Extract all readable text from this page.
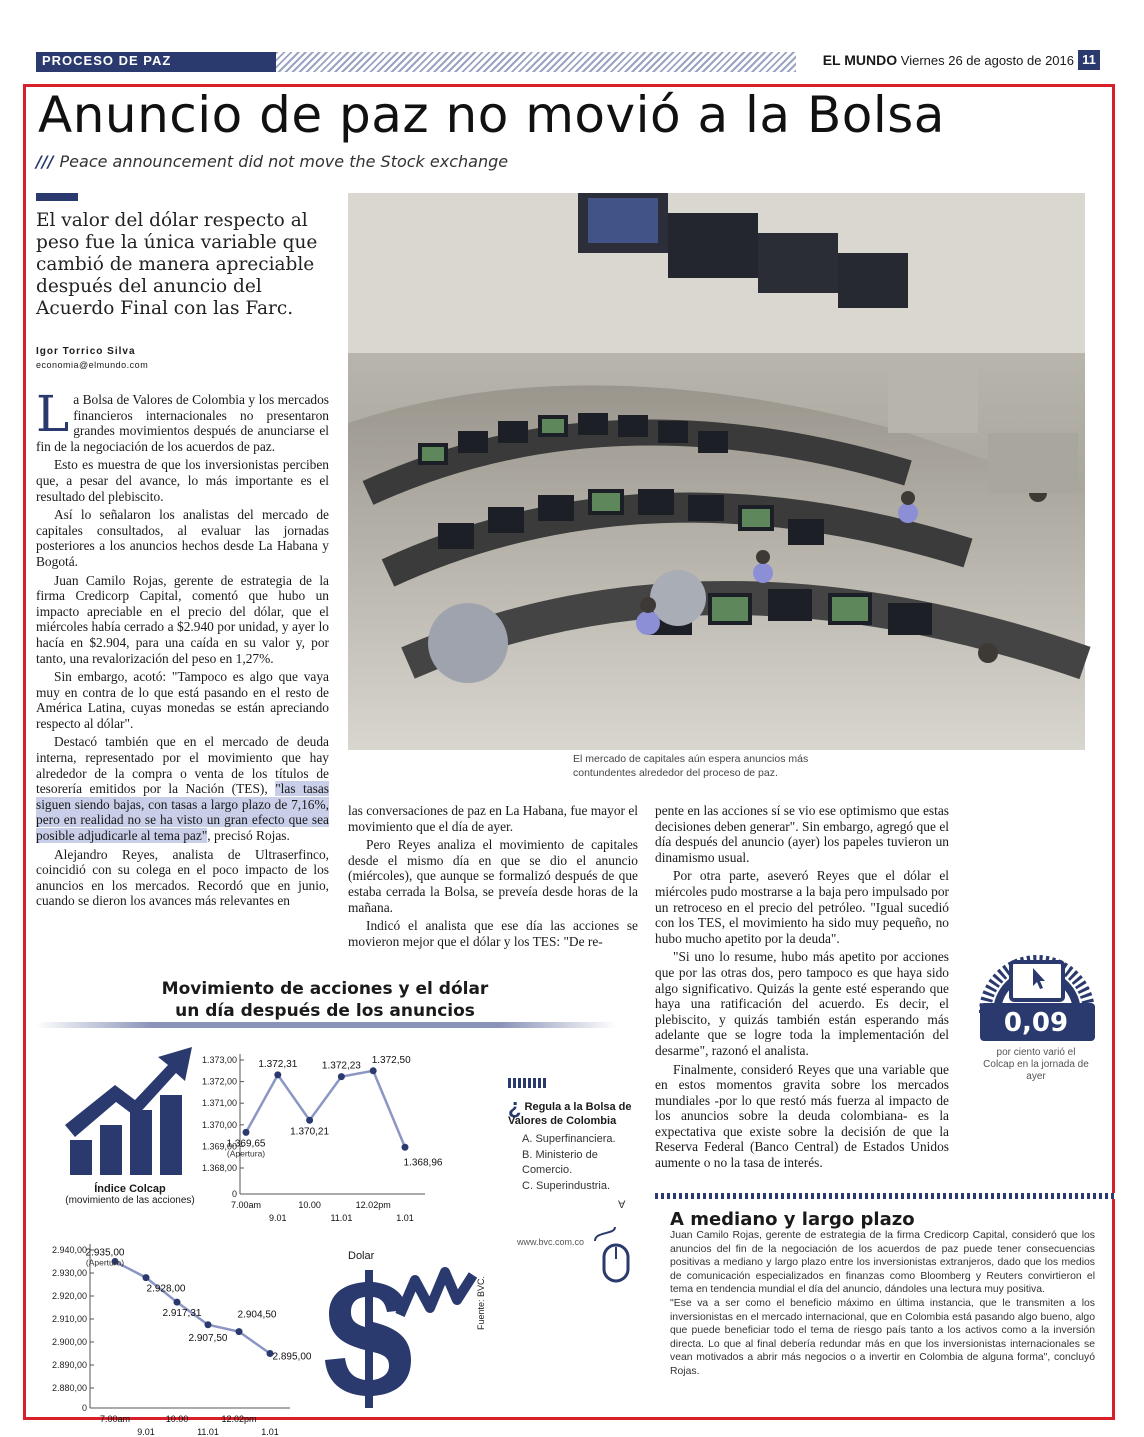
PROCESO DE PAZ	EL MUNDO Viernes 26 de agosto de 2016 11
Anuncio de paz no movió a la Bolsa
/// Peace announcement did not move the Stock exchange
El valor del dólar respecto al peso fue la única variable que cambió de manera apreciable después del anuncio del Acuerdo Final con las Farc.
Igor Torrico Silva
economia@elmundo.com

La Bolsa de Valores de Colombia y los mercados financieros internacionales no presentaron grandes movimientos después de anunciarse el fin de la negociación de los acuerdos de paz.

Esto es muestra de que los inversionistas perciben que, a pesar del avance, lo más importante es el resultado del plebiscito.

Así lo señalaron los analistas del mercado de capitales consultados, al evaluar las jornadas posteriores a los anuncios hechos desde La Habana y Bogotá.

Juan Camilo Rojas, gerente de estrategia de la firma Credicorp Capital, comentó que hubo un impacto apreciable en el precio del dólar, que el miércoles había cerrado a $2.940 por unidad, y ayer lo hacía en $2.904, para una caída en su valor y, por tanto, una revalorización del peso en 1,27%.

Sin embargo, acotó: "Tampoco es algo que vaya muy en contra de lo que está pasando en el resto de América Latina, cuyas monedas se están apreciando respecto al dólar".

Destacó también que en el mercado de deuda interna, representado por el movimiento que hay alrededor de la compra o venta de los títulos de tesorería emitidos por la Nación (TES), "las tasas siguen siendo bajas, con tasas a largo plazo de 7,16%, pero en realidad no se ha visto un gran efecto que sea posible adjudicarle al tema paz", precisó Rojas.

Alejandro Reyes, analista de Ultraserfinco, coincidió con su colega en el poco impacto de los anuncios en los mercados. Recordó que en junio, cuando se dieron los avances más relevantes en

El mercado de capitales aún espera anuncios más contundentes alrededor del proceso de paz.

las conversaciones de paz en La Habana, fue mayor el movimiento que el día de ayer.

Pero Reyes analiza el movimiento de capitales desde el mismo día en que se dio el anuncio (miércoles), que aunque se formalizó después de que estaba cerrada la Bolsa, se preveía desde horas de la mañana.

Indicó el analista que ese día las acciones se movieron mejor que el dólar y los TES: "De re-

pente en las acciones sí se vio ese optimismo que estas decisiones deben generar". Sin embargo, agregó que el día después del anuncio (ayer) los papeles tuvieron un dinamismo usual.

Por otra parte, aseveró Reyes que el dólar el miércoles pudo mostrarse a la baja pero impulsado por un retroceso en el precio del petróleo. "Igual sucedió con los TES, el movimiento ha sido muy pequeño, no hubo mucho apetito por la deuda".

"Si uno lo resume, hubo más apetito por acciones que por las otras dos, pero tampoco es que haya sido algo significativo. Quizás la gente esté esperando que haya una ratificación del acuerdo. Es decir, el plebiscito, y quizás también están esperando más adelante que se logre toda la implementación del desarme", razonó el analista.

Finalmente, consideró Reyes que una variable que en estos momentos gravita sobre los mercados mundiales -por lo que restó más fuerza al impacto de los anuncios sobre la deuda colombiana- es la expectativa que existe sobre la decisión de que la Reserva Federal (Banco Central) de Estados Unidos aumente o no la tasa de interés.

0,09
por ciento varió el Colcap en la jornada de ayer
Movimiento de acciones y el dólar
un día después de los anuncios
Índice Colcap
(movimiento de las acciones)
1.373,00
1.372,00
1.371,00
1.370,00
1.369,00
1.368,00
0
1.369,65
(Apertura)
7.00am
1.372,31
9.01
1.370,21
10.00
1.372,23
11.01
1.372,50
12.02pm
1.368,96
1.01
2.940,00
2.930,00
2.920,00
2.910,00
2.900,00
2.890,00
2.880,00
0
2.935,00
(Apertura)
7.00am
2.928,00
9.01
2.917,31
10.00
2.907,50
11.01
2.904,50
12.02pm
2.895,00
1.01
Dolar
Fuente: BVC.
¿ Regula a la Bolsa de Valores de Colombia
A. Superfinanciera.
B. Ministerio de Comercio.
C. Superindustria.
A
www.bvc.com.co
A mediano y largo plazo

Juan Camilo Rojas, gerente de estrategia de la firma Credicorp Capital, consideró que los anuncios del fin de la negociación de los acuerdos de paz puede tener consecuencias positivas a mediano y largo plazo entre los inversionistas extranjeros, dado que los medios de comunicación especializados en finanzas como Bloomberg y Reuters convirtieron el tema en tendencia mundial el día del anuncio, dándoles una lectura muy positiva.

"Ese va a ser como el beneficio máximo en última instancia, que le transmiten a los inversionistas en el mercado internacional, que en Colombia está pasando algo bueno, algo que puede beneficiar todo el tema de riesgo país tanto a los activos como a la inversión directa. Lo que al final debería redundar más en que los inversionistas internacionales se vean motivados a abrir más negocios o a invertir en Colombia de alguna forma", concluyó Rojas.
